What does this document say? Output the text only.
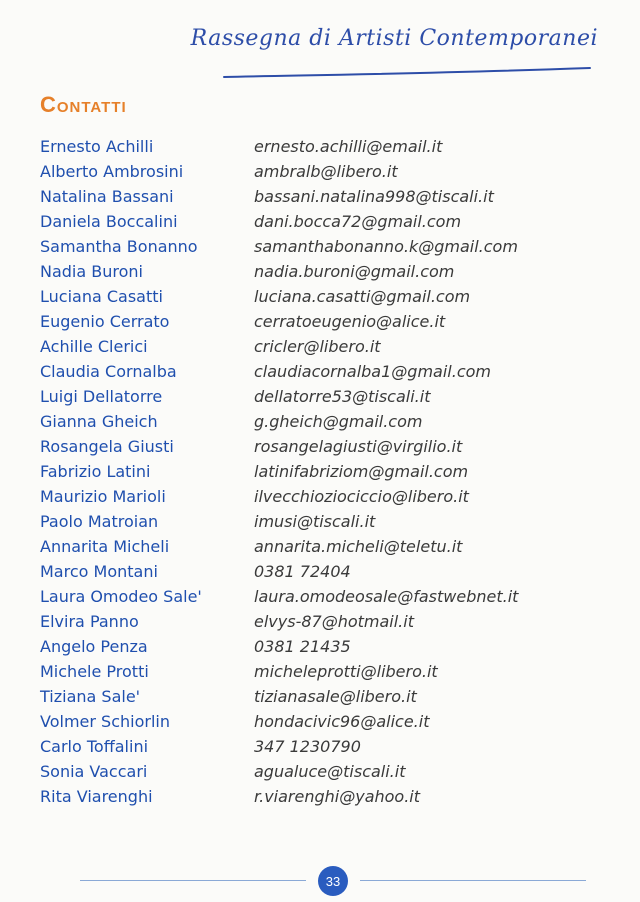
Rassegna di Artisti Contemporanei
Contatti
Ernesto Achilli	ernesto.achilli@email.it
Alberto Ambrosini	ambralb@libero.it
Natalina Bassani	bassani.natalina998@tiscali.it
Daniela Boccalini	dani.bocca72@gmail.com
Samantha Bonanno	samanthabonanno.k@gmail.com
Nadia Buroni	nadia.buroni@gmail.com
Luciana Casatti	luciana.casatti@gmail.com
Eugenio Cerrato	cerratoeugenio@alice.it
Achille Clerici	cricler@libero.it
Claudia Cornalba	claudiacornalba1@gmail.com
Luigi Dellatorre	dellatorre53@tiscali.it
Gianna Gheich	g.gheich@gmail.com
Rosangela Giusti	rosangelagiusti@virgilio.it
Fabrizio Latini	latinifabriziom@gmail.com
Maurizio Marioli	ilvecchioziociccio@libero.it
Paolo Matroian	imusi@tiscali.it
Annarita Micheli	annarita.micheli@teletu.it
Marco Montani	0381 72404
Laura Omodeo Sale'	laura.omodeosale@fastwebnet.it
Elvira Panno	elvys-87@hotmail.it
Angelo Penza	0381 21435
Michele Protti	micheleprotti@libero.it
Tiziana Sale'	tizianasale@libero.it
Volmer Schiorlin	hondacivic96@alice.it
Carlo Toffalini	347 1230790
Sonia Vaccari	agualuce@tiscali.it
Rita Viarenghi	r.viarenghi@yahoo.it
33
